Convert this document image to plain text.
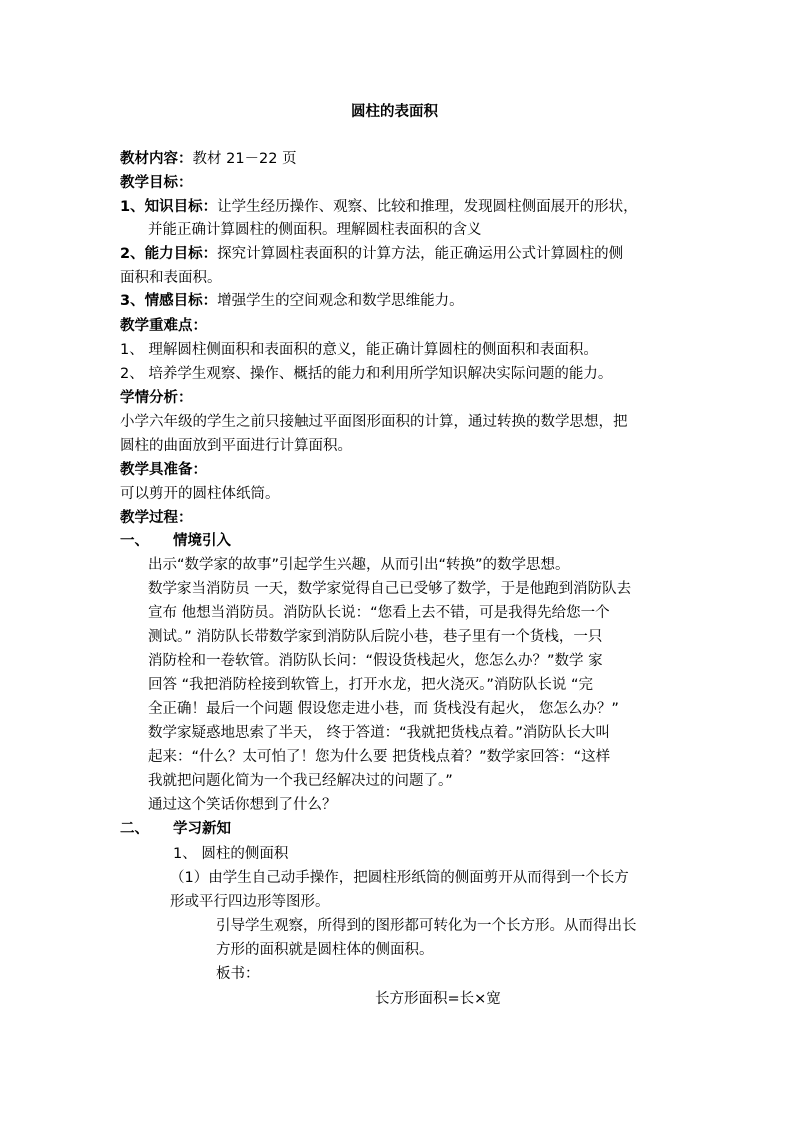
圆柱的表面积
教材内容：教材 21－22 页
教学目标：
1、知识目标：让学生经历操作、观察、比较和推理，发现圆柱侧面展开的形状，
并能正确计算圆柱的侧面积。理解圆柱表面积的含义
2、能力目标：探究计算圆柱表面积的计算方法，能正确运用公式计算圆柱的侧
面积和表面积。
3、情感目标：增强学生的空间观念和数学思维能力。
教学重难点：
1、 理解圆柱侧面积和表面积的意义，能正确计算圆柱的侧面积和表面积。
2、 培养学生观察、操作、概括的能力和利用所学知识解决实际问题的能力。
学情分析：
小学六年级的学生之前只接触过平面图形面积的计算，通过转换的数学思想，把
圆柱的曲面放到平面进行计算面积。
教学具准备：
可以剪开的圆柱体纸筒。
教学过程：
一、 情境引入
出示“数学家的故事”引起学生兴趣，从而引出“转换”的数学思想。
数学家当消防员 一天，数学家觉得自己已受够了数学，于是他跑到消防队去
宣布 他想当消防员。消防队长说：“您看上去不错，可是我得先给您一个
测试。” 消防队长带数学家到消防队后院小巷，巷子里有一个货栈，一只
消防栓和一卷软管。消防队长问：“假设货栈起火，您怎么办？”数学 家
回答 “我把消防栓接到软管上，打开水龙，把火浇灭。”消防队长说 “完
全正确！最后一个问题 假设您走进小巷，而 货栈没有起火， 您怎么办？”
数学家疑惑地思索了半天， 终于答道：“我就把货栈点着。”消防队长大叫
起来：“什么？太可怕了！您为什么要 把货栈点着？”数学家回答：“这样
我就把问题化简为一个我已经解决过的问题了。”
通过这个笑话你想到了什么？
二、 学习新知
1、 圆柱的侧面积
（1）由学生自己动手操作，把圆柱形纸筒的侧面剪开从而得到一个长方
形或平行四边形等图形。
引导学生观察，所得到的图形都可转化为一个长方形。从而得出长
方形的面积就是圆柱体的侧面积。
板书：
长方形面积=长×宽
